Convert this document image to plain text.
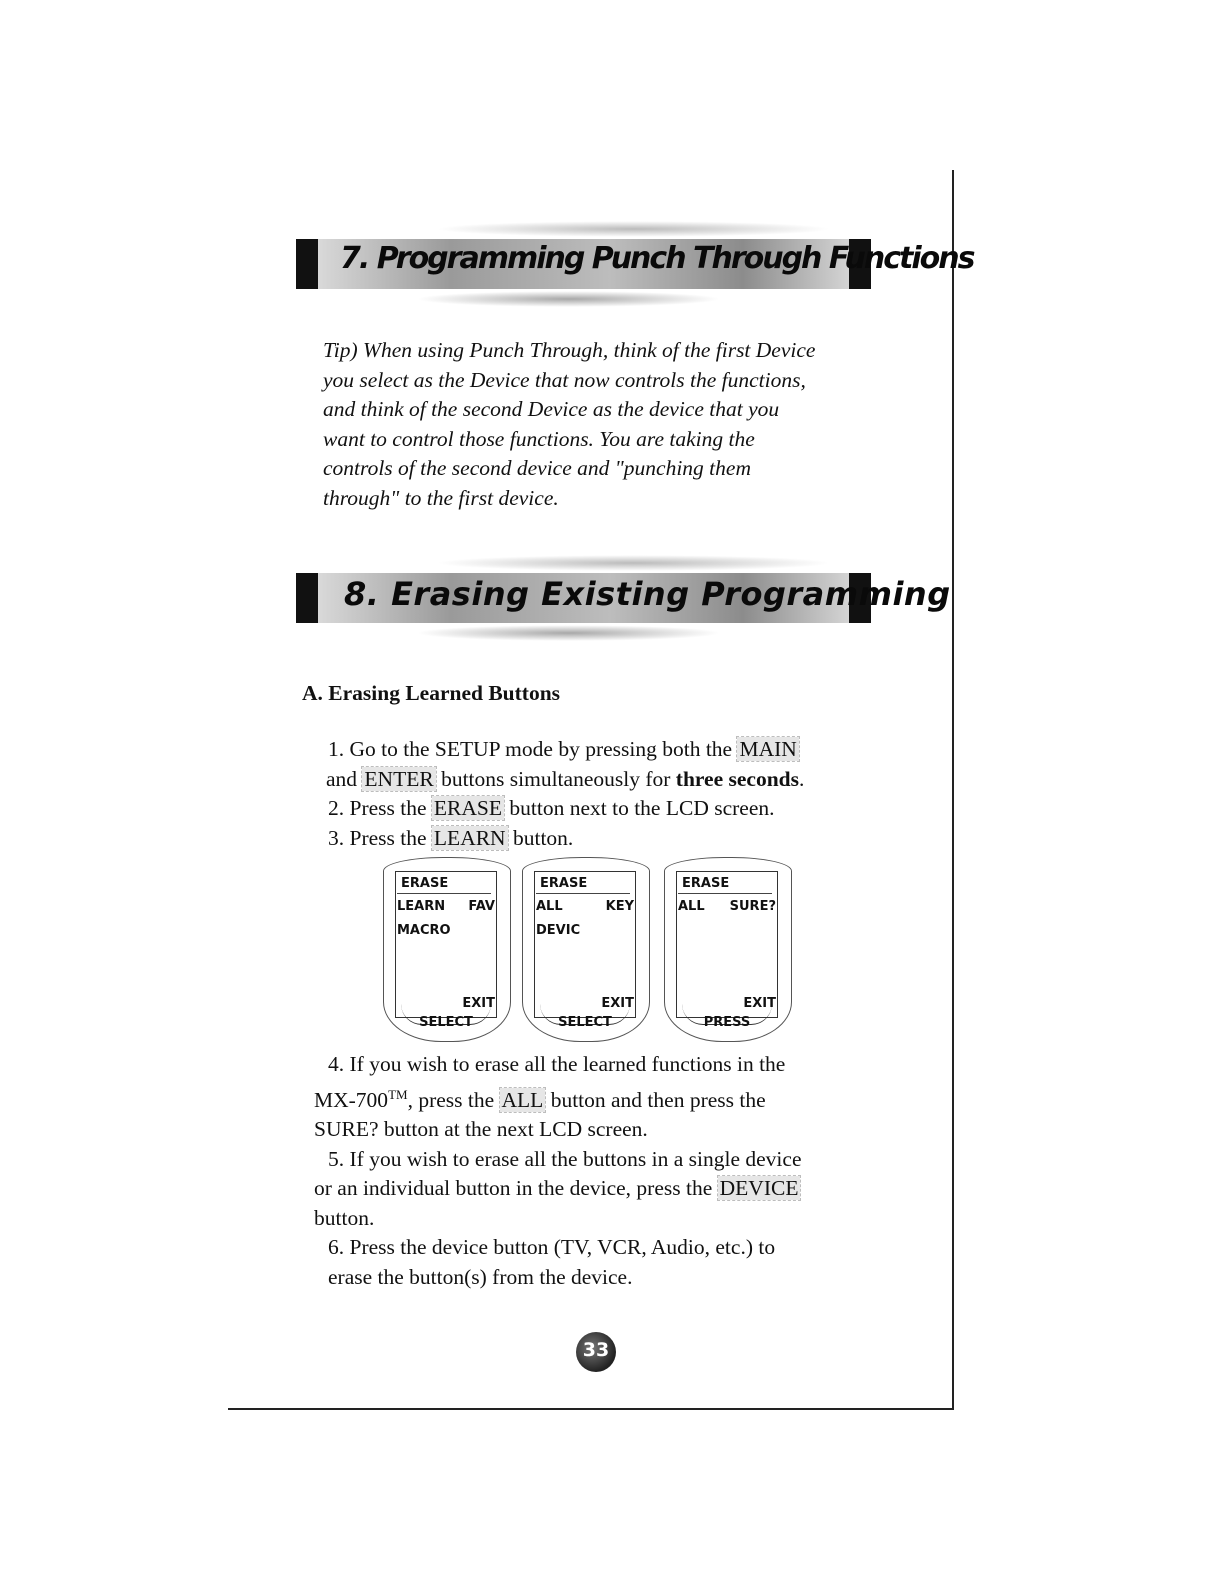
7. Programming Punch Through Functions

Tip) When using Punch Through, think of the first Device

you select as the Device that now controls the functions,

and think of the second Device as the device that you

want to control those functions. You are taking the

controls of the second device and "punching them

through" to the first device.

8. Erasing Existing Programming
A. Erasing Learned Buttons

1. Go to the SETUP mode by pressing both the MAIN

and ENTER buttons simultaneously for three seconds.

2. Press the ERASE button next to the LCD screen.

3. Press the LEARN button.

ERASE
LEARN FAV
MACRO
EXIT
SELECT
ERASE
ALL	KEY
DEVIC
EXIT
SELECT
ERASE
ALL SURE?
EXIT
PRESS

4. If you wish to erase all the learned functions in the

MX-700™, press the ALL button and then press the

SURE? button at the next LCD screen.

5. If you wish to erase all the buttons in a single device

or an individual button in the device, press the DEVICE

button.

6. Press the device button (TV, VCR, Audio, etc.) to

erase the button(s) from the device.

33
